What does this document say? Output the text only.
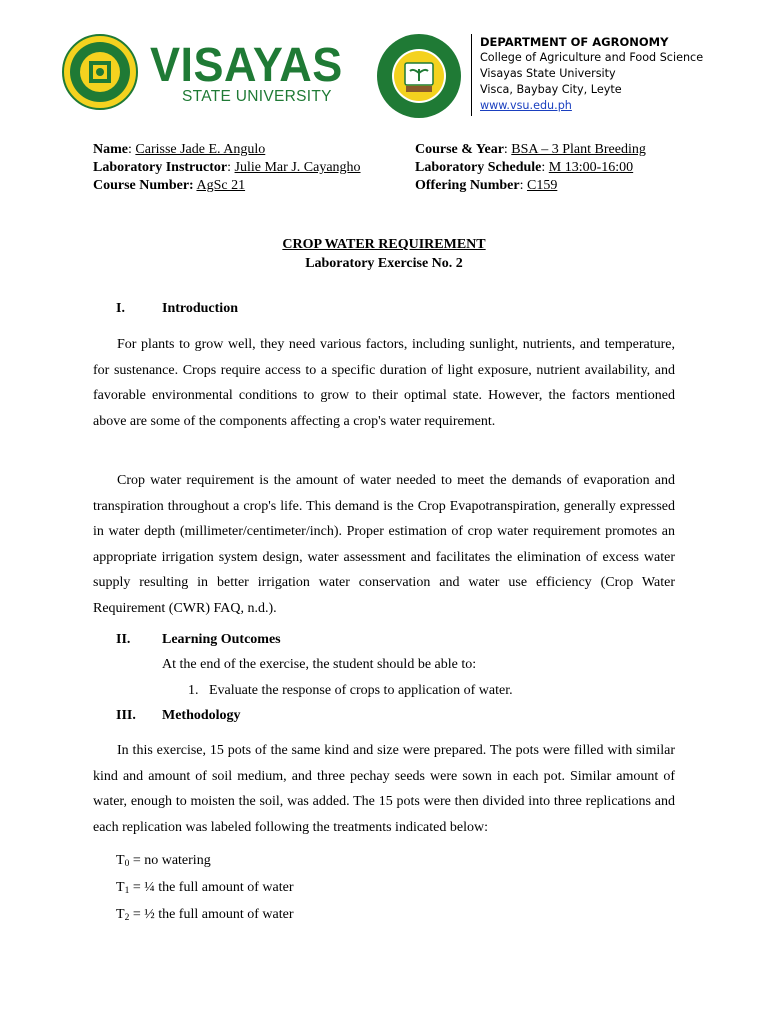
VISAYAS
STATE UNIVERSITY
DEPARTMENT OF AGRONOMY
College of Agriculture and Food Science
Visayas State University
Visca, Baybay City, Leyte
www.vsu.edu.ph
Name: Carisse Jade E. Angulo	Course & Year: BSA – 3 Plant Breeding
Laboratory Instructor: Julie Mar J. Cayangho	Laboratory Schedule: M 13:00-16:00
Course Number: AgSc 21	Offering Number: C159
CROP WATER REQUIREMENT
Laboratory Exercise No. 2
I.	Introduction
For plants to grow well, they need various factors, including sunlight, nutrients, and temperature, for sustenance. Crops require access to a specific duration of light exposure, nutrient availability, and favorable environmental conditions to grow to their optimal state. However, the factors mentioned above are some of the components affecting a crop's water requirement.
Crop water requirement is the amount of water needed to meet the demands of evaporation and transpiration throughout a crop's life. This demand is the Crop Evapotranspiration, generally expressed in water depth (millimeter/centimeter/inch). Proper estimation of crop water requirement promotes an appropriate irrigation system design, water assessment and facilitates the elimination of excess water supply resulting in better irrigation water conservation and water use efficiency (Crop Water Requirement (CWR) FAQ, n.d.).
II. Learning Outcomes
At the end of the exercise, the student should be able to:
1. Evaluate the response of crops to application of water.
III. Methodology
In this exercise, 15 pots of the same kind and size were prepared. The pots were filled with similar kind and amount of soil medium, and three pechay seeds were sown in each pot. Similar amount of water, enough to moisten the soil, was added. The 15 pots were then divided into three replications and each replication was labeled following the treatments indicated below:
$T_0$ = no watering
$T_1$ = ¼ the full amount of water
$T_2$ = ½ the full amount of water
